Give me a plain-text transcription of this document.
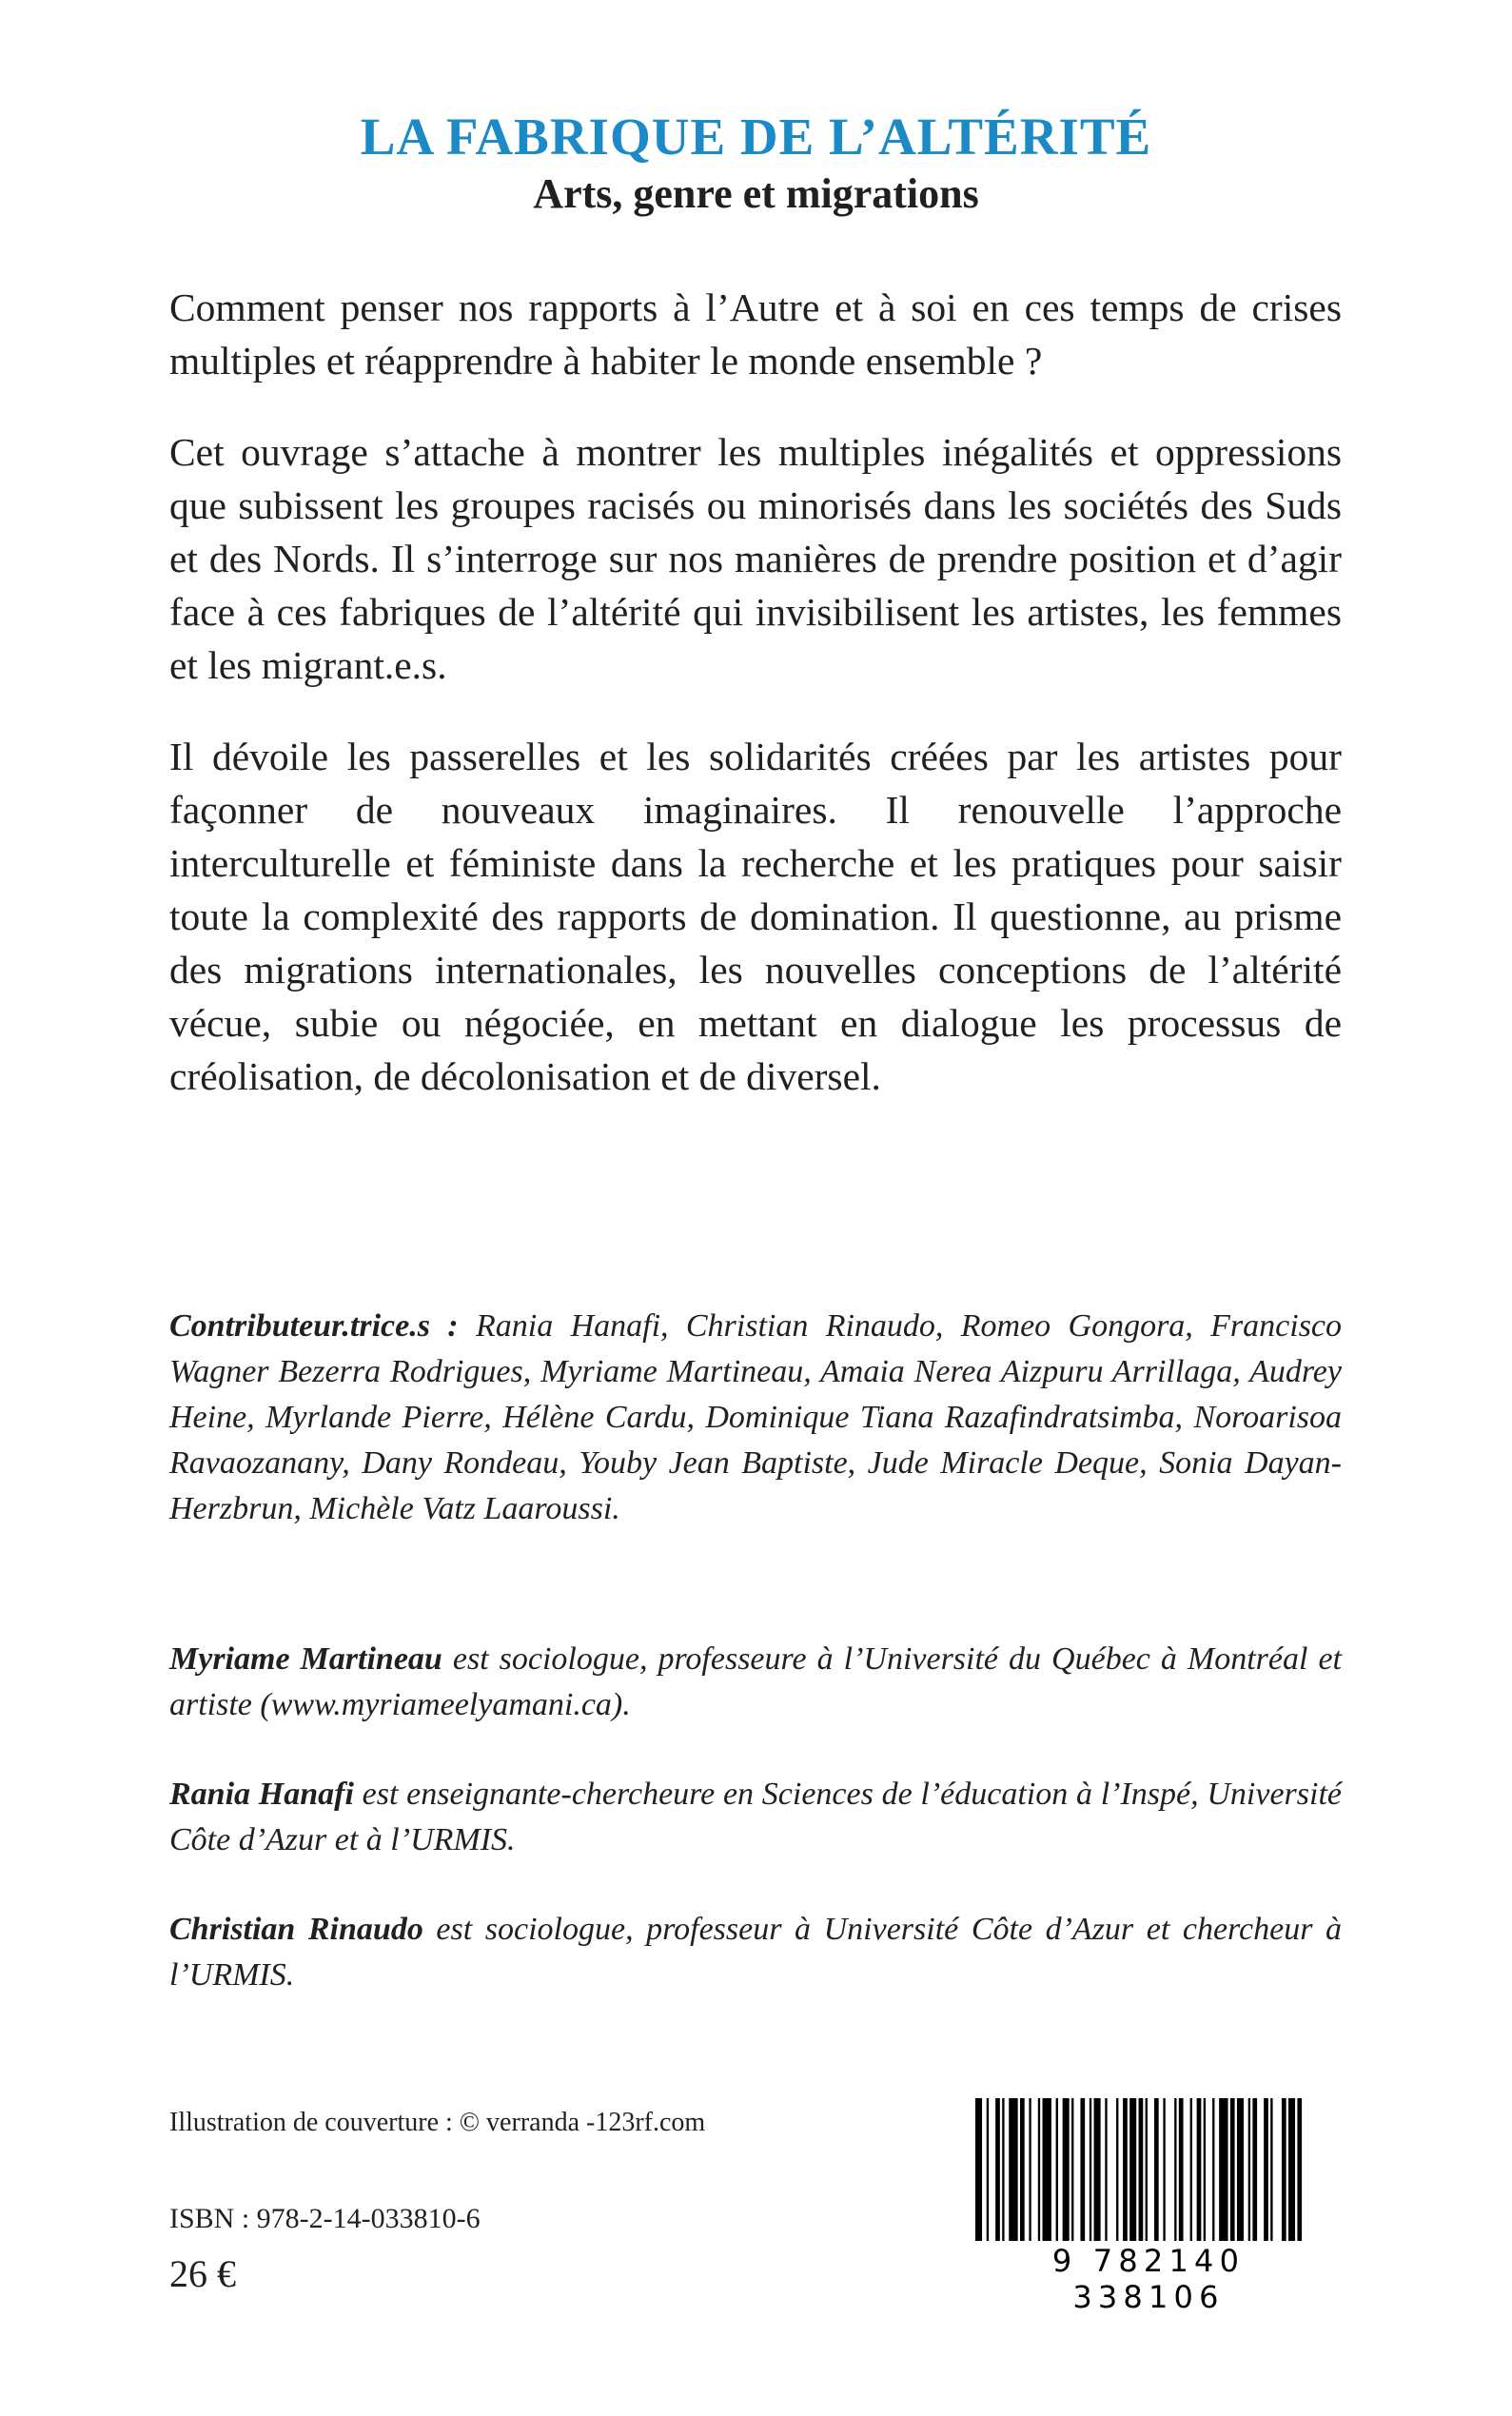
LA FABRIQUE DE L’ALTÉRITÉ
Arts, genre et migrations

Comment penser nos rapports à l’Autre et à soi en ces temps de crises multiples et réapprendre à habiter le monde ensemble ?

Cet ouvrage s’attache à montrer les multiples inégalités et oppressions que subissent les groupes racisés ou minorisés dans les sociétés des Suds et des Nords. Il s’interroge sur nos manières de prendre position et d’agir face à ces fabriques de l’altérité qui invisibilisent les artistes, les femmes et les migrant.e.s.

Il dévoile les passerelles et les solidarités créées par les artistes pour façonner de nouveaux imaginaires. Il renouvelle l’approche interculturelle et féministe dans la recherche et les pratiques pour saisir toute la complexité des rapports de domination. Il questionne, au prisme des migrations internationales, les nouvelles conceptions de l’altérité vécue, subie ou négociée, en mettant en dialogue les processus de créolisation, de décolonisation et de diversel.

Contributeur.trice.s : Rania Hanafi, Christian Rinaudo, Romeo Gongora, Francisco Wagner Bezerra Rodrigues, Myriame Martineau, Amaia Nerea Aizpuru Arrillaga, Audrey Heine, Myrlande Pierre, Hélène Cardu, Dominique Tiana Razafindratsimba, Noroarisoa Ravaozanany, Dany Rondeau, Youby Jean Baptiste, Jude Miracle Deque, Sonia Dayan-Herzbrun, Michèle Vatz Laaroussi.

Myriame Martineau est sociologue, professeure à l’Université du Québec à Montréal et artiste (www.myriameelyamani.ca).

Rania Hanafi est enseignante-chercheure en Sciences de l’éducation à l’Inspé, Université Côte d’Azur et à l’URMIS.

Christian Rinaudo est sociologue, professeur à Université Côte d’Azur et chercheur à l’URMIS.

Illustration de couverture : © verranda -123rf.com

ISBN : 978-2-14-033810-6

26 €	9 782140 338106
